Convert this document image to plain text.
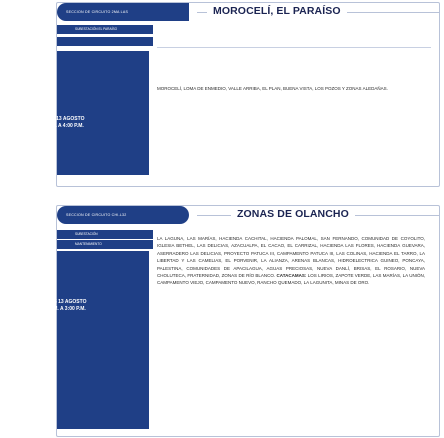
SECCION DE CIRCUITO 2MA LAS	MOROCELÍ, EL PARAÍSO
SUBESTACIÓN EL PARAÍSO
JUEVES 13 AGOSTO
8:30 A.M. A 4:00 P.M.
MOROCELÍ, LOMA DE ENMEDIO, VALLE ARRIBA, EL PLAN, BUENA VISTA, LOS POZOS Y ZONAS ALEDAÑAS.
SECCION DE CIRCUITO CHI-L32	ZONAS DE OLANCHO
SUBESTACIÓN
MANTENIMIENTO
JUEVES 13 AGOSTO
8:00 A.M. A 3:00 P.M.
LA LAGUNA, LAS MARÍAS, HACIENDA CACHITAL, HACIENDA PALOMAL, SAN FERNANDO, COMUNIDAD DE COYOLITO, IGLESIA BETHEL, LAS DELICIAS, AZACUALPA, EL CACAO, EL CARRIZAL, HACIENDA LAS FLORES, HACIENDA GUEVARA, ASERRADERO LAS DELICIAS, PROYECTO PATUCA III, CAMPAMENTO PATUCA III, LAS COLINAS, HACIENDA EL TARRO, LA LIBERTAD Y LAS CAMELIAS, EL PORVENIR, LA ALIANZA, ARENAS BLANCAS, HIDROELECTRICA GUINEO, PONCAYA, PALESTINA, COMUNIDADES DE APACILAGUA, AGUAS PRECIOSAS, NUEVA DANLÍ, BRISAS, EL ROSARIO, NUEVA CHOLUTECA, FRATERNIDAD, ZONAS DE RÍO BLANCO. CATACAMAS: LOS LIRIOS, ZAPOTE VERDE, LAS MARÍAS, LA UNIÓN, CAMPAMENTO VIEJO, CAMPAMENTO NUEVO, RANCHO QUEMADO, LA LAGUNITA, MINAS DE ORO.
